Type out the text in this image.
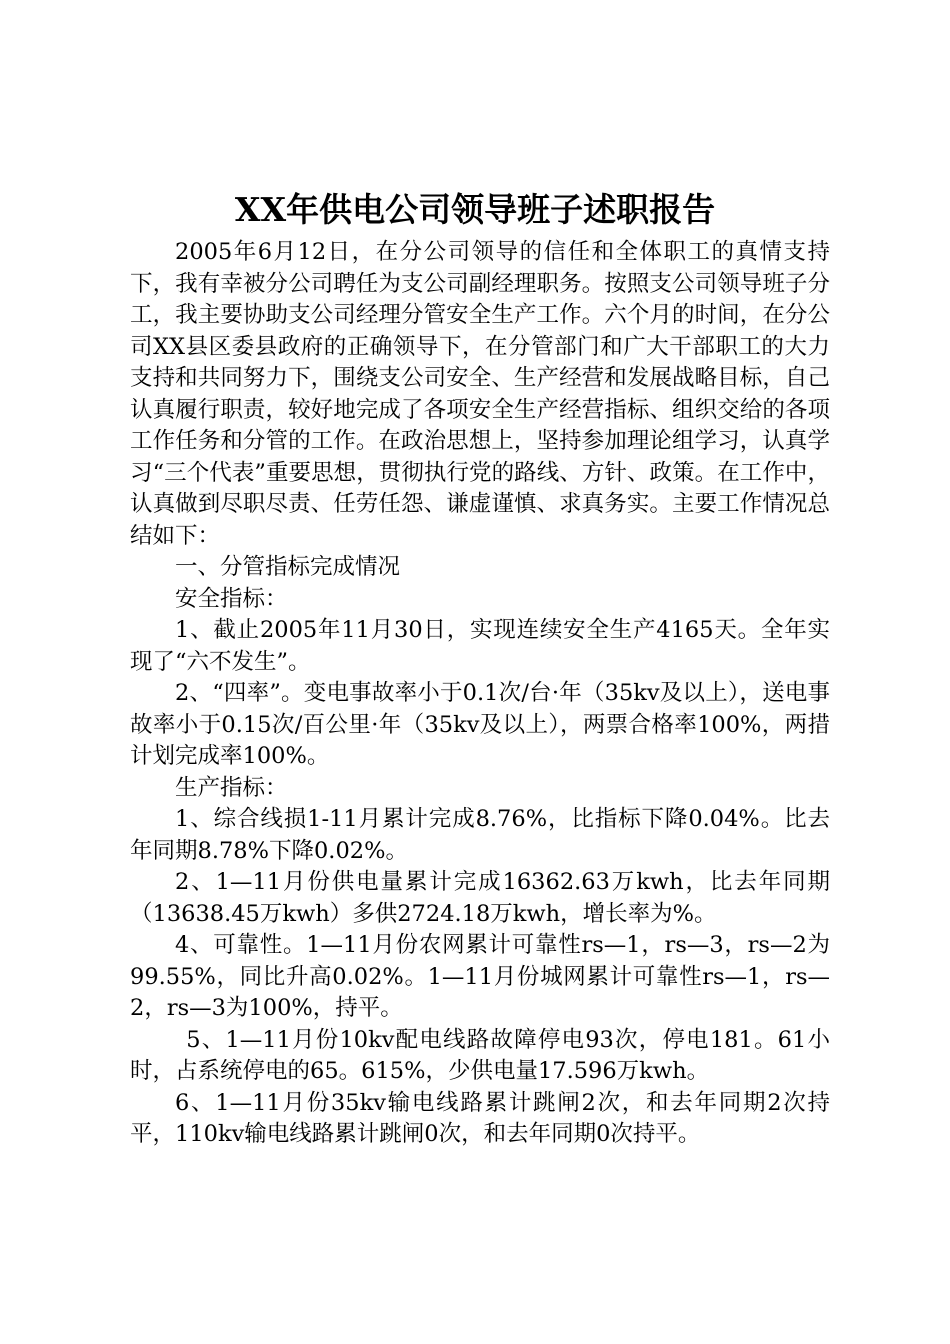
XX年供电公司领导班子述职报告

2005年6月12日，在分公司领导的信任和全体职工的真情支持下，我有幸被分公司聘任为支公司副经理职务。按照支公司领导班子分工，我主要协助支公司经理分管安全生产工作。六个月的时间，在分公司XX县区委县政府的正确领导下，在分管部门和广大干部职工的大力支持和共同努力下，围绕支公司安全、生产经营和发展战略目标，自己认真履行职责，较好地完成了各项安全生产经营指标、组织交给的各项工作任务和分管的工作。在政治思想上，坚持参加理论组学习，认真学习“三个代表”重要思想，贯彻执行党的路线、方针、政策。在工作中，认真做到尽职尽责、任劳任怨、谦虚谨慎、求真务实。主要工作情况总结如下：

一、分管指标完成情况

安全指标：

1、截止2005年11月30日，实现连续安全生产4165天。全年实现了“六不发生”。

2、“四率”。变电事故率小于0.1次/台·年（35kv及以上），送电事故率小于0.15次/百公里·年（35kv及以上），两票合格率100%，两措计划完成率100%。

生产指标：

1、综合线损1-11月累计完成8.76%，比指标下降0.04%。比去年同期8.78%下降0.02%。

2、1—11月份供电量累计完成16362.63万kwh，比去年同期（13638.45万kwh）多供2724.18万kwh，增长率为%。

4、可靠性。1—11月份农网累计可靠性rs—1，rs—3，rs—2为99.55%，同比升高0.02%。1—11月份城网累计可靠性rs—1，rs—2，rs—3为100%，持平。

5、1—11月份10kv配电线路故障停电93次，停电181。61小时，占系统停电的65。615%，少供电量17.596万kwh。

6、1—11月份35kv输电线路累计跳闸2次，和去年同期2次持平，110kv输电线路累计跳闸0次，和去年同期0次持平。
